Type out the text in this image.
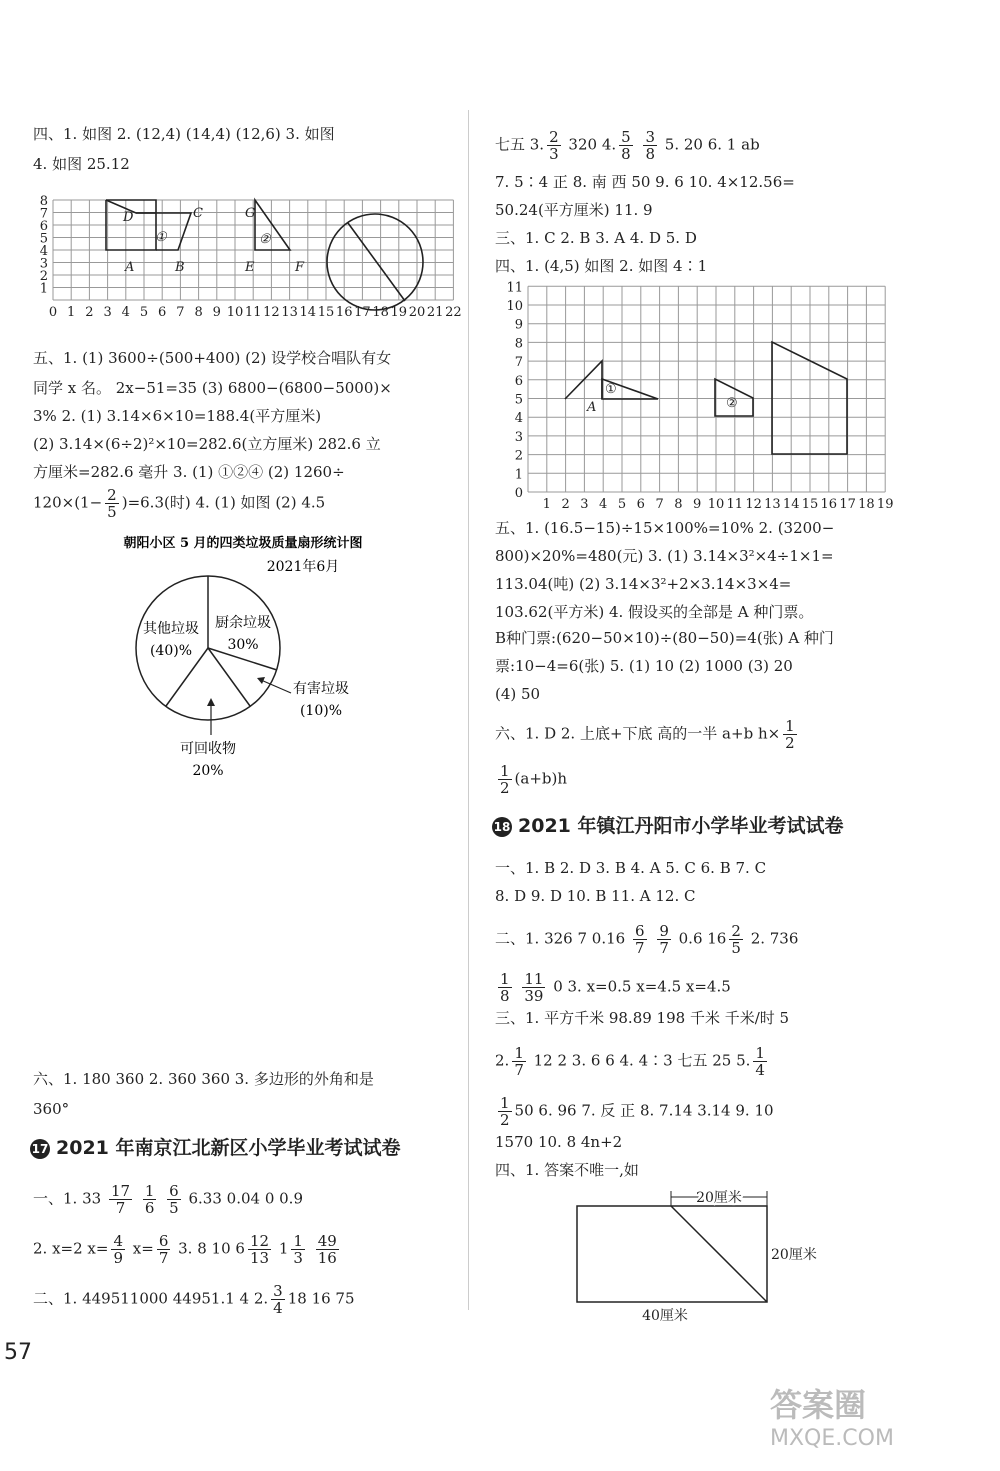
四、1. 如图 2. (12,4) (14,4) (12,6) 3. 如图
4. 如图 25.12
0 1 2 3 4 5 6 7 8 9 10 11 12 13 14 15 16 17 18 19 20 21 22
8
7
6
5
4
3
2
1
D	C
①
A	B
G
②
E	F
五、1. (1) 3600÷(500+400) (2) 设学校合唱队有女
同学 x 名。 2x−51=35 (3) 6800−(6800−5000)×
3% 2. (1) 3.14×6×10=188.4(平方厘米)
(2) 3.14×(6÷2)²×10=282.6(立方厘米) 282.6 立
方厘米=282.6 毫升 3. (1) ①②④ (2) 1260÷
$120\times(1- \frac{2}{5} )=6.3$(时) 4. (1) 如图 (2) 4.5
朝阳小区 5 月的四类垃圾质量扇形统计图
2021年6月
其他垃圾
(40)%
厨余垃圾
30%
有害垃圾
(10)%
可回收物
20%
六、1. 180 360 2. 360 360 3. 多边形的外角和是
360°
17 2021 年南京江北新区小学毕业考试试卷
一、1. $33 \frac{17}{7}$
$\frac{1}{6}$
$\frac{6}{5} 6.33$ 0.04 0 0.9
2. x=2 $x= \frac{4}{9} x= \frac{6}{7} 3$. 8 10 $6 \frac{12}{13} 1 \frac{1}{3}$
$\frac{49}{16}$
二、1. 449511000 44951.1 4 2. $\frac{3}{4} 18$ 16 75
七五 3. $\frac{2}{3} 320$ 4. $\frac{5}{8}$
$\frac{3}{8} 5$. 20 6. 1 ab
7. 5∶4 正 8. 南 西 50 9. 6 10. 4×12.56=
50.24(平方厘米) 11. 9
三、1. C 2. B 3. A 4. D 5. D
四、1. (4,5) 如图 2. 如图 4∶1
1 2 3 4 5 6 7 8 9 10 11 12 13 14 15 16 17 18 19
11
10
9
8
7
6
5
4
3
2
1
0
①
A	②
五、1. (16.5−15)÷15×100%=10% 2. (3200−
800)×20%=480(元) 3. (1) 3.14×3²×4÷1×1=
113.04(吨) (2) 3.14×3²+2×3.14×3×4=
103.62(平方米) 4. 假设买的全部是 A 种门票。
B种门票:(620−50×10)÷(80−50)=4(张) A 种门
票:10−4=6(张) 5. (1) 10 (2) 1000 (3) 20
(4) 50
六、1. D 2. 上底+下底 高的一半 a+b $h\times \frac{1}{2}$
$\frac{1}{2} (a+b)h$
18 2021 年镇江丹阳市小学毕业考试试卷
一、1. B 2. D 3. B 4. A 5. C 6. B 7. C
8. D 9. D 10. B 11. A 12. C
二、1. 326 7 $0.16 \frac{6}{7}$
$\frac{9}{7} 0.6$ $16 \frac{2}{5} 2$. 736
$\frac{1}{8}$
$\frac{11}{39} 0$ 3. x=0.5 x=4.5 x=4.5
三、1. 平方千米 98.89 198 千米 千米/时 5
2. $\frac{1}{7} 12$ 2 3. 6 6 4. 4∶3 七五 25 5. $\frac{1}{4}$
$\frac{1}{2} 50$ 6. 96 7. 反 正 8. 7.14 3.14 9. 10
1570 10. 8 4n+2
四、1. 答案不唯一,如
20厘米
20厘米
40厘米
57
答案圈
MXQE.COM
